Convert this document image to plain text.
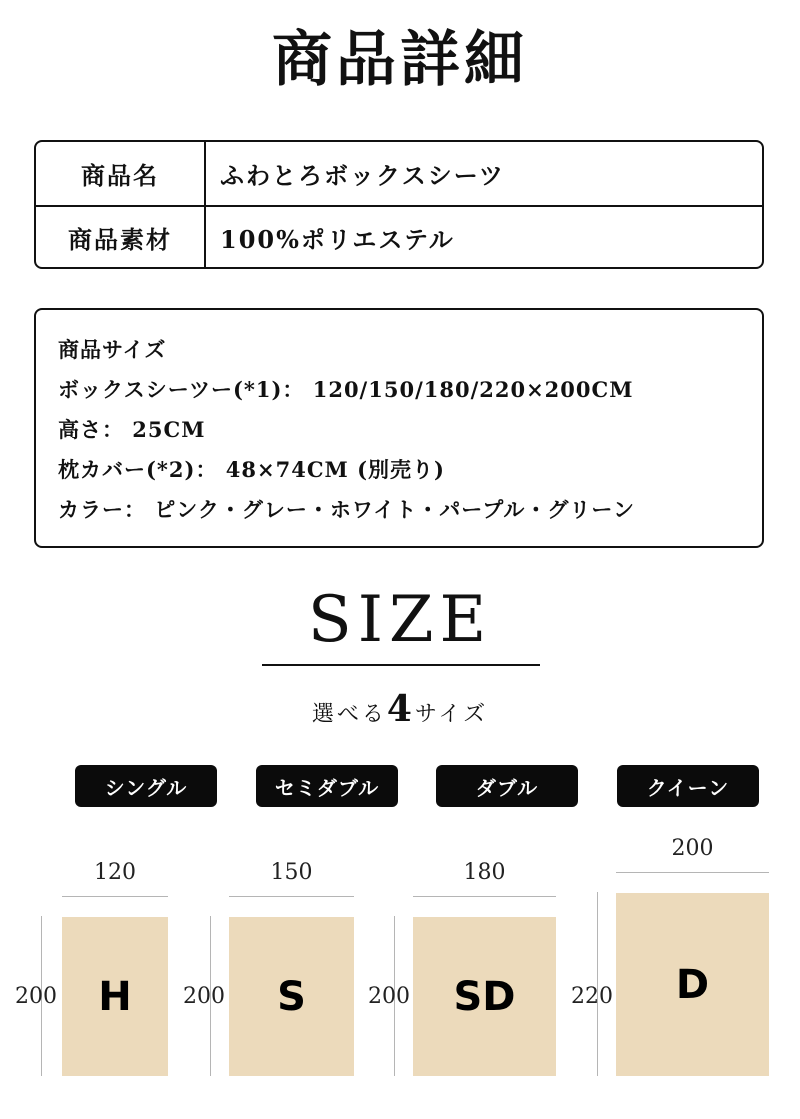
商品詳細
商品名	ふわとろボックスシーツ
商品素材	100%ポリエステル
商品サイズ
ボックスシーツー(*1)： 120/150/180/220×200CM
高さ： 25CM
枕カバー(*2)： 48×74CM (別売り)
カラー： ピンク・グレー・ホワイト・パープル・グリーン
SIZE
選べる4サイズ
シングル
120
200 H
セミダブル
150
200 S
ダブル
180
200 SD
クイーン
200
220 D
